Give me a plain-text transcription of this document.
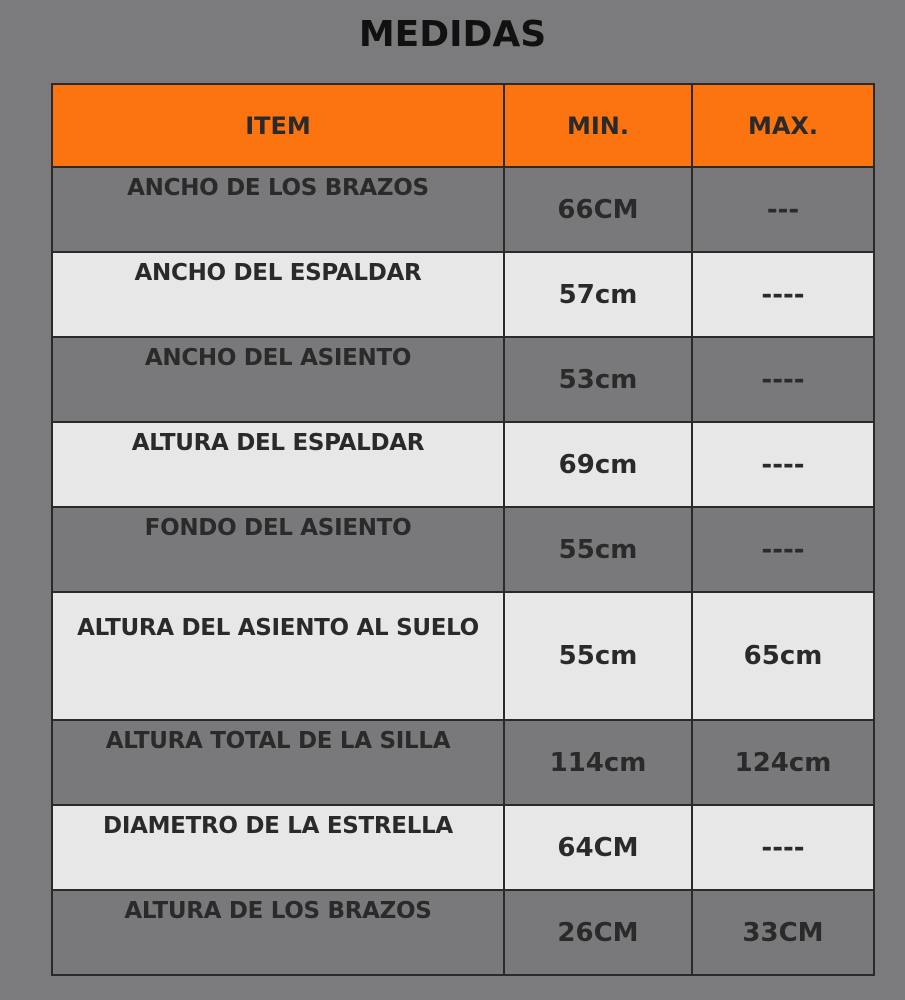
MEDIDAS
ITEM	MIN.	MAX.
ANCHO DE LOS BRAZOS	66CM	---
ANCHO DEL ESPALDAR	57cm	----
ANCHO DEL ASIENTO	53cm	----
ALTURA DEL ESPALDAR	69cm	----
FONDO DEL ASIENTO	55cm	----
ALTURA DEL ASIENTO AL SUELO	55cm	65cm
ALTURA TOTAL DE LA SILLA	114cm	124cm
DIAMETRO DE LA ESTRELLA	64CM	----
ALTURA DE LOS BRAZOS	26CM	33CM
